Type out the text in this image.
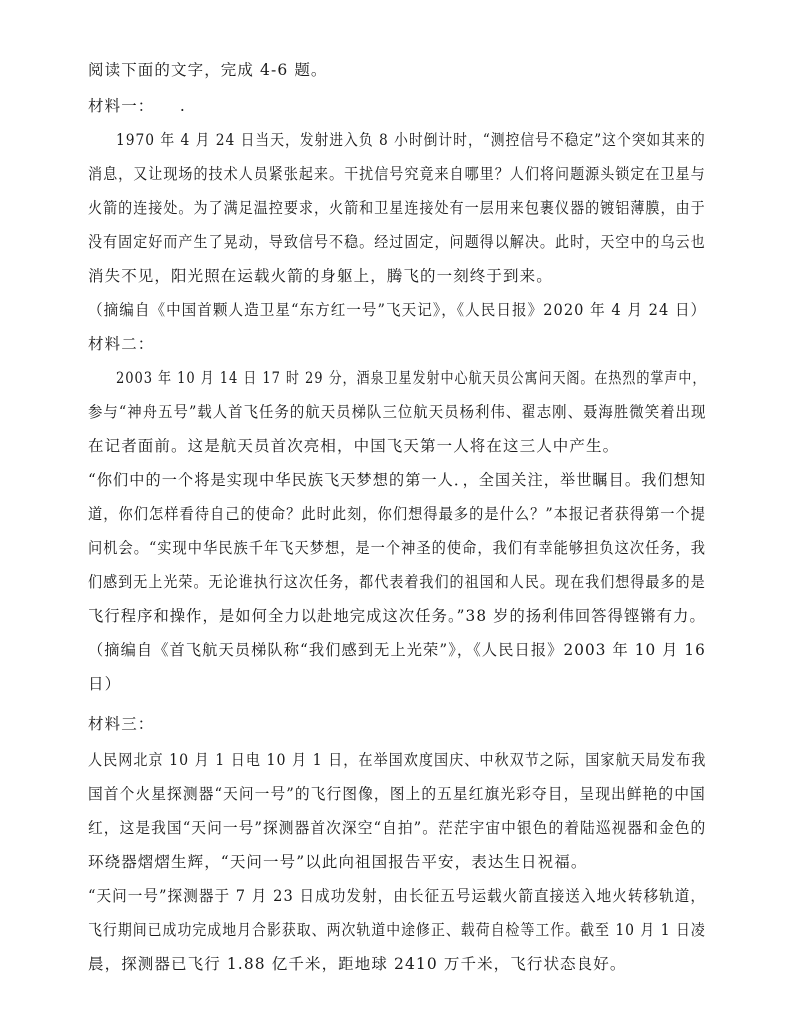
阅读下面的文字，完成 4-6 题。
材料一：　　.
1970 年 4 月 24 日当天，发射进入负 8 小时倒计时，“测控信号不稳定”这个突如其来的
消息，又让现场的技术人员紧张起来。干扰信号究竟来自哪里？人们将问题源头锁定在卫星与
火箭的连接处。为了满足温控要求，火箭和卫星连接处有一层用来包裹仪器的镀铝薄膜，由于
没有固定好而产生了晃动，导致信号不稳。经过固定，问题得以解决。此时，天空中的乌云也
消失不见，阳光照在运载火箭的身躯上，腾飞的一刻终于到来。
（摘编自《中国首颗人造卫星“东方红一号”飞天记》，《人民日报》2020 年 4 月 24 日）
材料二：
2003 年 10 月 14 日 17 时 29 分，酒泉卫星发射中心航天员公寓问天阁。在热烈的掌声中，
参与“神舟五号”载人首飞任务的航天员梯队三位航天员杨利伟、翟志刚、聂海胜微笑着出现
在记者面前。这是航天员首次亮相，中国飞天第一人将在这三人中产生。
“你们中的一个将是实现中华民族飞天梦想的第一人．，全国关注，举世瞩目。我们想知
道，你们怎样看待自己的使命？此时此刻，你们想得最多的是什么？”本报记者获得第一个提
问机会。“实现中华民族千年飞天梦想，是一个神圣的使命，我们有幸能够担负这次任务，我
们感到无上光荣。无论谁执行这次任务，都代表着我们的祖国和人民。现在我们想得最多的是
飞行程序和操作，是如何全力以赴地完成这次任务。”38 岁的扬利伟回答得铿锵有力。
（摘编自《首飞航天员梯队称“我们感到无上光荣”》，《人民日报》2003 年 10 月 16
日）
材料三：
人民网北京 10 月 1 日电 10 月 1 日，在举国欢度国庆、中秋双节之际，国家航天局发布我
国首个火星探测器“天问一号”的飞行图像，图上的五星红旗光彩夺目，呈现出鲜艳的中国
红，这是我国“天问一号”探测器首次深空“自拍”。茫茫宇宙中银色的着陆巡视器和金色的
环绕器熠熠生辉，“天问一号”以此向祖国报告平安，表达生日祝福。
“天问一号”探测器于 7 月 23 日成功发射，由长征五号运载火箭直接送入地火转移轨道，
飞行期间已成功完成地月合影获取、两次轨道中途修正、载荷自检等工作。截至 10 月 1 日凌
晨，探测器已飞行 1.88 亿千米，距地球 2410 万千米，飞行状态良好。
